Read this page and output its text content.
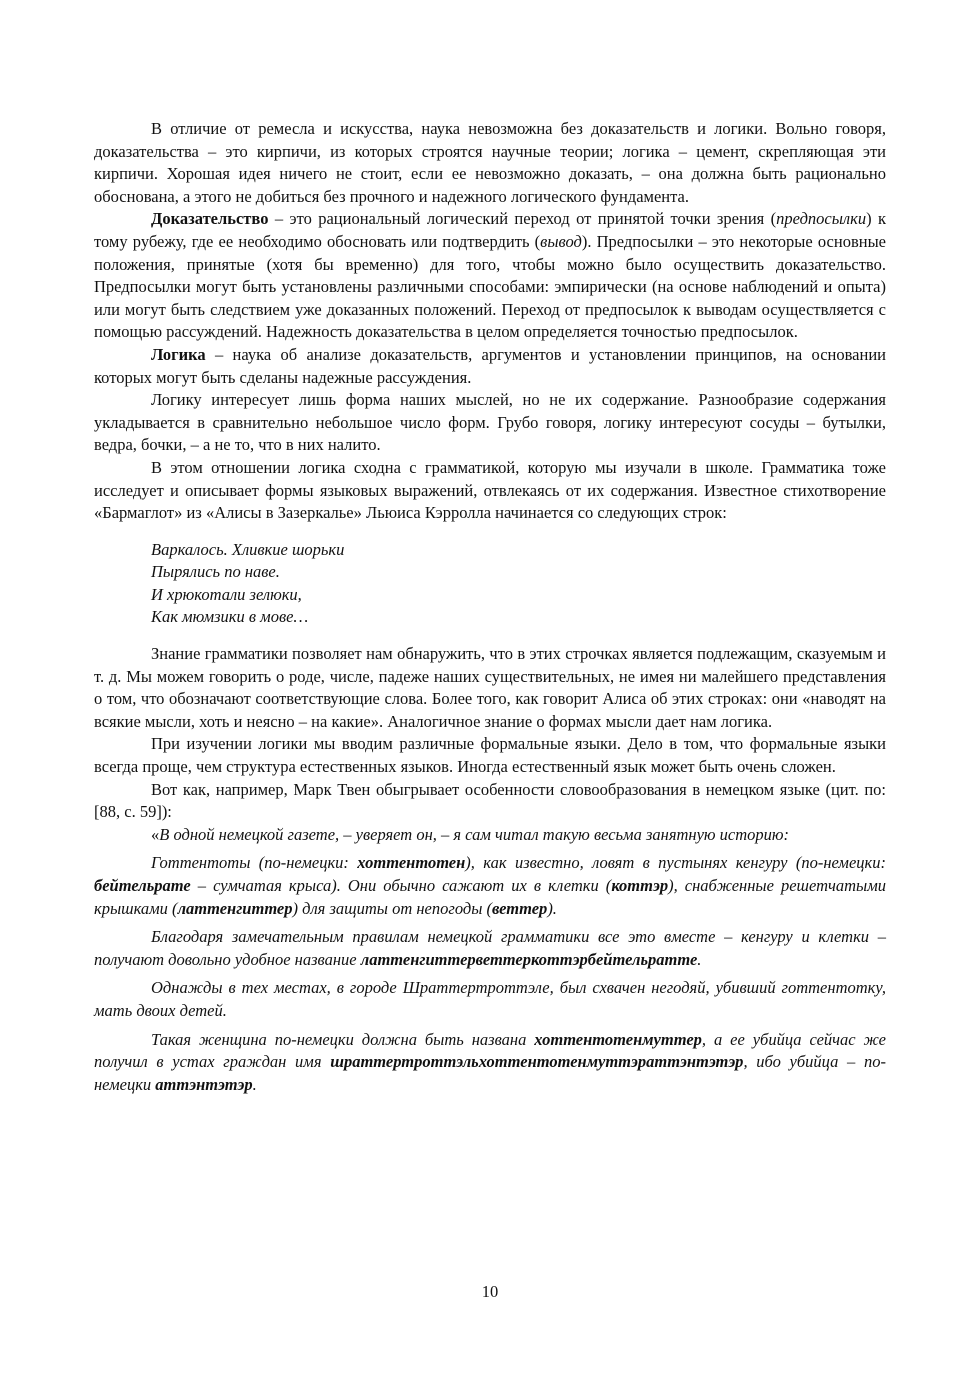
В отличие от ремесла и искусства, наука невозможна без доказательств и логики. Вольно говоря, доказательства – это кирпичи, из которых строятся научные теории; логика – цемент, скрепляющая эти кирпичи. Хорошая идея ничего не стоит, если ее невозможно доказать, – она должна быть рационально обоснована, а этого не добиться без прочного и надежного логического фундамента.

Доказательство – это рациональный логический переход от принятой точки зрения (предпосылки) к тому рубежу, где ее необходимо обосновать или подтвердить (вывод). Предпосылки – это некоторые основные положения, принятые (хотя бы временно) для того, чтобы можно было осуществить доказательство. Предпосылки могут быть установлены различными способами: эмпирически (на основе наблюдений и опыта) или могут быть следствием уже доказанных положений. Переход от предпосылок к выводам осуществляется с помощью рассуждений. Надежность доказательства в целом определяется точностью предпосылок.

Логика – наука об анализе доказательств, аргументов и установлении принципов, на основании которых могут быть сделаны надежные рассуждения.

Логику интересует лишь форма наших мыслей, но не их содержание. Разнообразие содержания укладывается в сравнительно небольшое число форм. Грубо говоря, логику интересуют сосуды – бутылки, ведра, бочки, – а не то, что в них налито.

В этом отношении логика сходна с грамматикой, которую мы изучали в школе. Грамматика тоже исследует и описывает формы языковых выражений, отвлекаясь от их содержания. Известное стихотворение «Бармаглот» из «Алисы в Зазеркалье» Льюиса Кэрролла начинается со следующих строк:

Варкалось. Хливкие шорьки
Пырялись по наве.
И хрюкотали зелюки,
Как мюмзики в мове…

Знание грамматики позволяет нам обнаружить, что в этих строчках является подлежащим, сказуемым и т. д. Мы можем говорить о роде, числе, падеже наших существительных, не имея ни малейшего представления о том, что обозначают соответствующие слова. Более того, как говорит Алиса об этих строках: они «наводят на всякие мысли, хоть и неясно – на какие». Аналогичное знание о формах мысли дает нам логика.

При изучении логики мы вводим различные формальные языки. Дело в том, что формальные языки всегда проще, чем структура естественных языков. Иногда естественный язык может быть очень сложен.

Вот как, например, Марк Твен обыгрывает особенности словообразования в немецком языке (цит. по: [88, с. 59]):

«В одной немецкой газете, – уверяет он, – я сам читал такую весьма занятную историю:

Готтентоты (по-немецки: хоттентотен), как известно, ловят в пустынях кенгуру (по-немецки: бейтельрате – сумчатая крыса). Они обычно сажают их в клетки (коттэр), снабженные решетчатыми крышками (латтенгиттер) для защиты от непогоды (веттер).

Благодаря замечательным правилам немецкой грамматики все это вместе – кенгуру и клетки – получают довольно удобное название латтенгиттерветтеркоттэрбейтельратте.

Однажды в тех местах, в городе Шраттертроттэле, был схвачен негодяй, убивший готтентотку, мать двоих детей.

Такая женщина по-немецки должна быть названа хоттентотенмуттер, а ее убийца сейчас же получил в устах граждан имя шраттертроттэльхоттентотенмуттэраттэнтэтэр, ибо убийца – по-немецки аттэнтэтэр.

10
